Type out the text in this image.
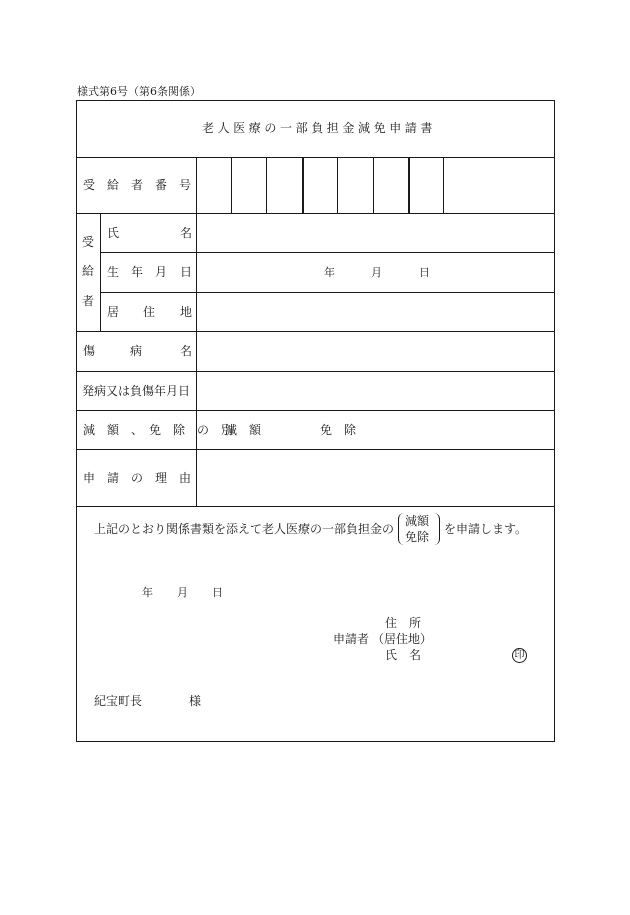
様式第6号（第6条関係）
老人医療の一部負担金減免申請書
受　給　者　番　号
受
給
者
氏	名
生 年 月 日	年	月	日
居 住 地
傷	病	名
発病又は負傷年月日
減　額　、　免　除　の　別
減　額	免　除
申　請　の　理　由
上記のとおり関係書類を添えて老人医療の一部負担金の
減額
免除
を申請します。
年 月 日
住　所
申請者 （居住地）
氏　名	印
紀宝町長	様
